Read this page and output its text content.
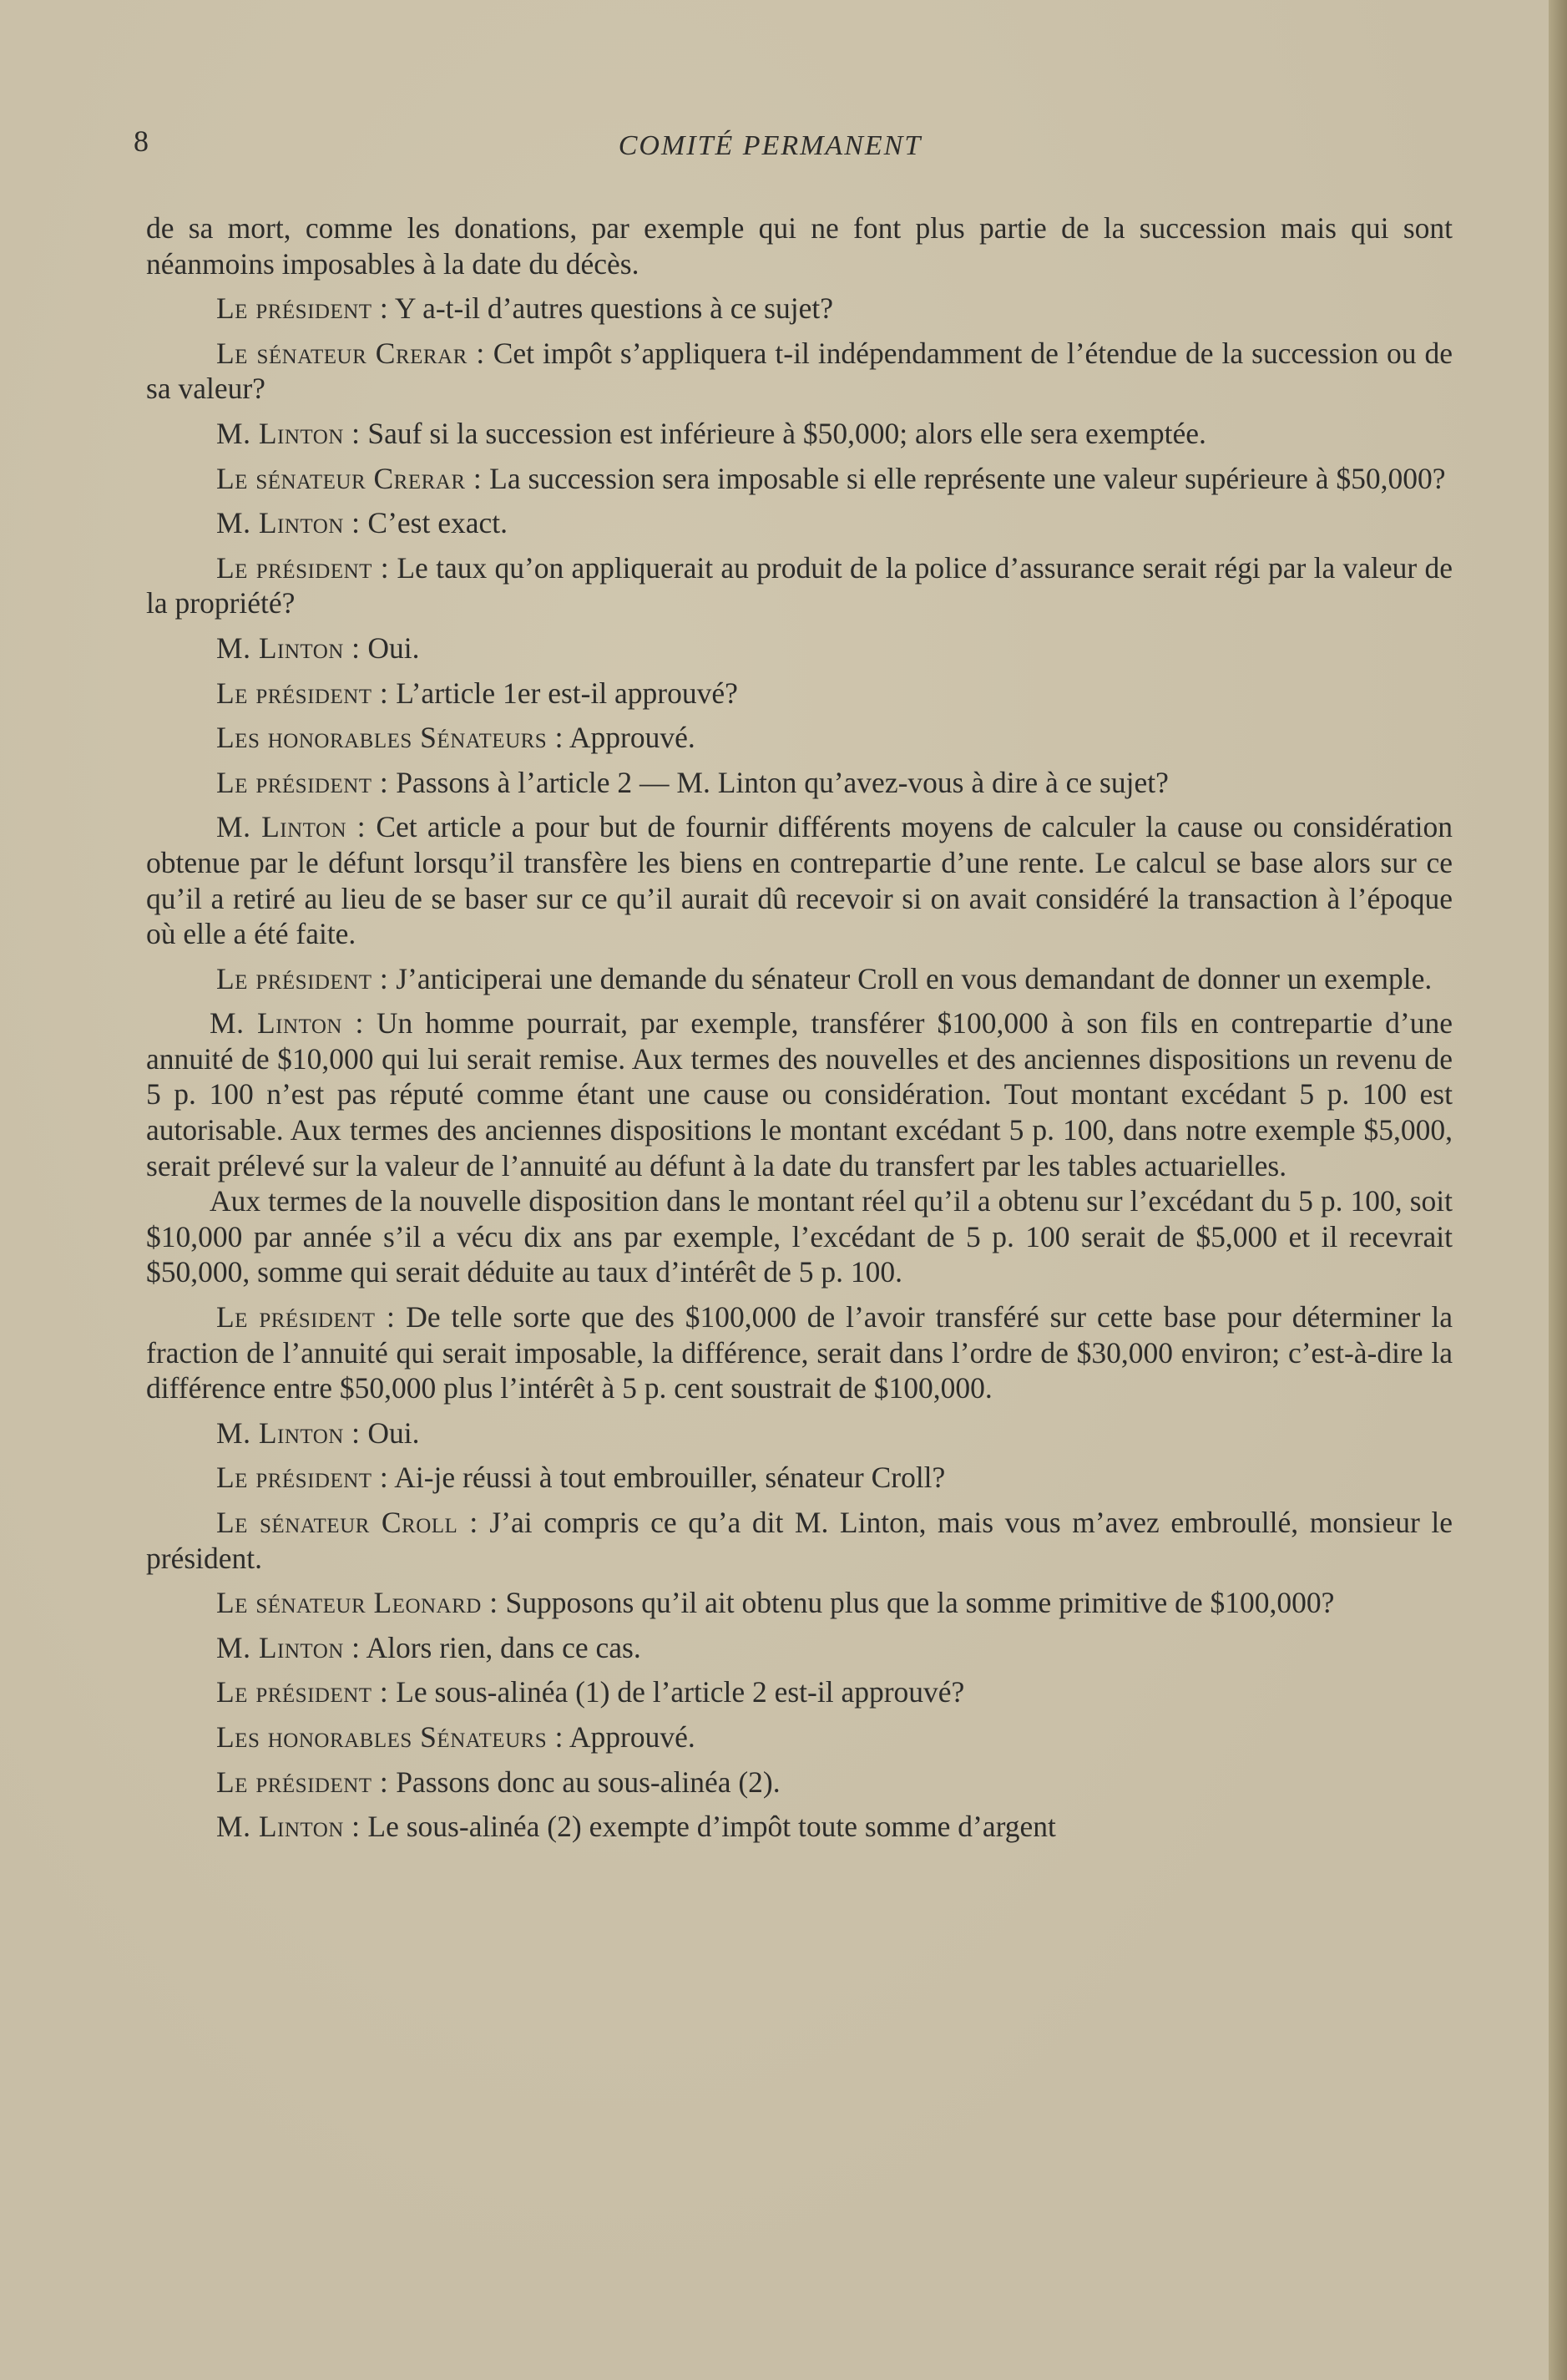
8	COMITÉ PERMANENT

de sa mort, comme les donations, par exemple qui ne font plus partie de la succession mais qui sont néanmoins imposables à la date du décès.

Le président : Y a-t-il d’autres questions à ce sujet?

Le sénateur Crerar : Cet impôt s’appliquera t-il indépendamment de l’étendue de la succession ou de sa valeur?

M. Linton : Sauf si la succession est inférieure à $50,000; alors elle sera exemptée.

Le sénateur Crerar : La succession sera imposable si elle représente une valeur supérieure à $50,000?

M. Linton : C’est exact.

Le président : Le taux qu’on appliquerait au produit de la police d’assurance serait régi par la valeur de la propriété?

M. Linton : Oui.

Le président : L’article 1er est-il approuvé?

Les honorables Sénateurs : Approuvé.

Le président : Passons à l’article 2 — M. Linton qu’avez-vous à dire à ce sujet?

M. Linton : Cet article a pour but de fournir différents moyens de calculer la cause ou considération obtenue par le défunt lorsqu’il transfère les biens en contrepartie d’une rente. Le calcul se base alors sur ce qu’il a retiré au lieu de se baser sur ce qu’il aurait dû recevoir si on avait considéré la transaction à l’époque où elle a été faite.

Le président : J’anticiperai une demande du sénateur Croll en vous demandant de donner un exemple.

M. Linton : Un homme pourrait, par exemple, transférer $100,000 à son fils en contrepartie d’une annuité de $10,000 qui lui serait remise. Aux termes des nouvelles et des anciennes dispositions un revenu de 5 p. 100 n’est pas réputé comme étant une cause ou considération. Tout montant excédant 5 p. 100 est autorisable. Aux termes des anciennes dispositions le montant excédant 5 p. 100, dans notre exemple $5,000, serait prélevé sur la valeur de l’annuité au défunt à la date du transfert par les tables actuarielles.

Aux termes de la nouvelle disposition dans le montant réel qu’il a obtenu sur l’excédant du 5 p. 100, soit $10,000 par année s’il a vécu dix ans par exemple, l’excédant de 5 p. 100 serait de $5,000 et il recevrait $50,000, somme qui serait déduite au taux d’intérêt de 5 p. 100.

Le président : De telle sorte que des $100,000 de l’avoir transféré sur cette base pour déterminer la fraction de l’annuité qui serait imposable, la différence, serait dans l’ordre de $30,000 environ; c’est-à-dire la différence entre $50,000 plus l’intérêt à 5 p. cent soustrait de $100,000.

M. Linton : Oui.

Le président : Ai-je réussi à tout embrouiller, sénateur Croll?

Le sénateur Croll : J’ai compris ce qu’a dit M. Linton, mais vous m’avez embroullé, monsieur le président.

Le sénateur Leonard : Supposons qu’il ait obtenu plus que la somme primitive de $100,000?

M. Linton : Alors rien, dans ce cas.

Le président : Le sous-alinéa (1) de l’article 2 est-il approuvé?

Les honorables Sénateurs : Approuvé.

Le président : Passons donc au sous-alinéa (2).

M. Linton : Le sous-alinéa (2) exempte d’impôt toute somme d’argent
